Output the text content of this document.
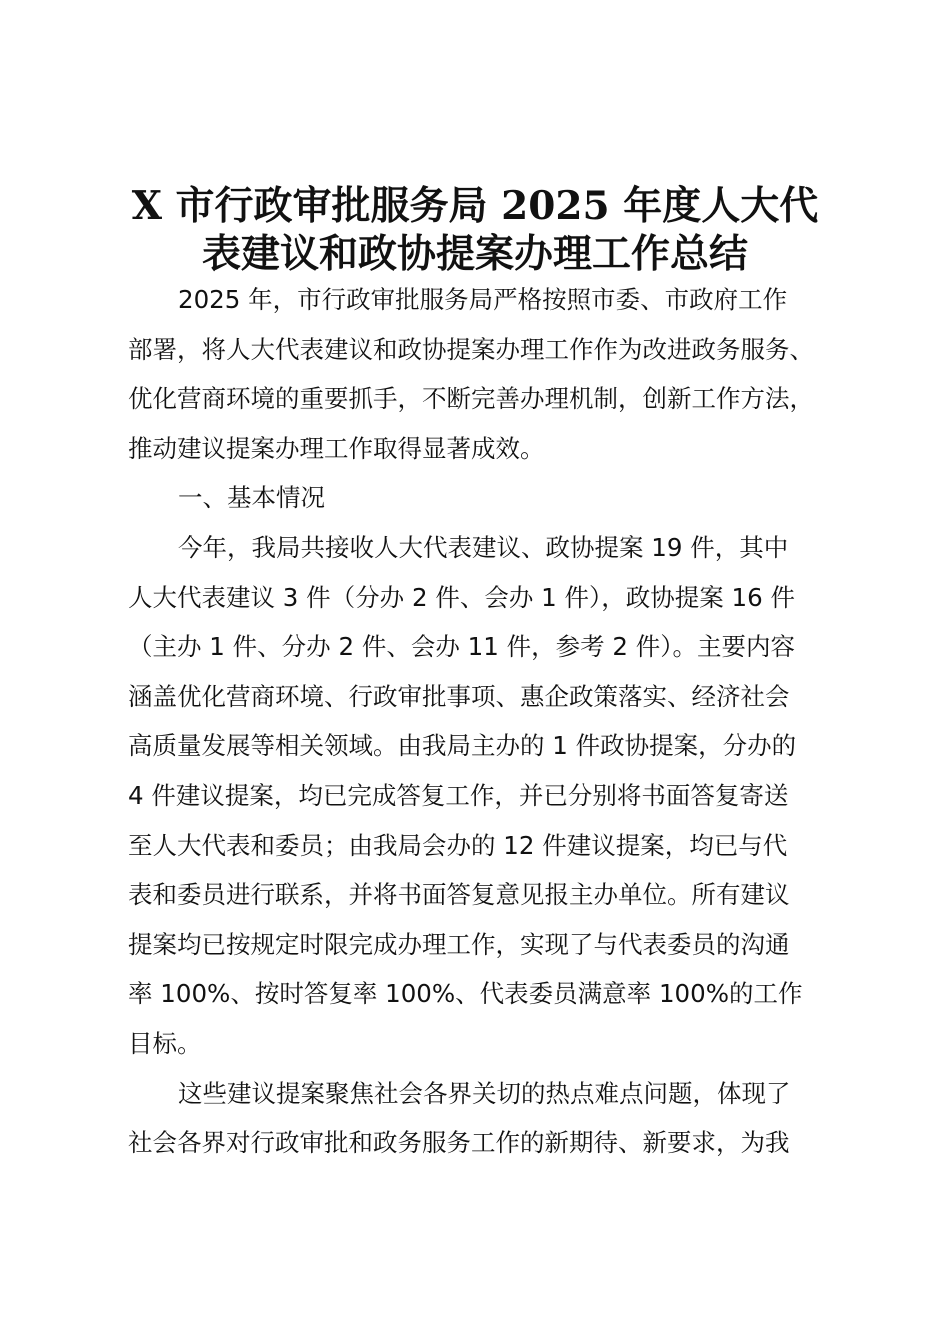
X 市行政审批服务局 2025 年度人大代
表建议和政协提案办理工作总结
2025 年，市行政审批服务局严格按照市委、市政府工作
部署，将人大代表建议和政协提案办理工作作为改进政务服务、
优化营商环境的重要抓手，不断完善办理机制，创新工作方法，
推动建议提案办理工作取得显著成效。
一、基本情况
今年，我局共接收人大代表建议、政协提案 19 件，其中
人大代表建议 3 件（分办 2 件、会办 1 件），政协提案 16 件
（主办 1 件、分办 2 件、会办 11 件，参考 2 件）。主要内容
涵盖优化营商环境、行政审批事项、惠企政策落实、经济社会
高质量发展等相关领域。由我局主办的 1 件政协提案，分办的
4 件建议提案，均已完成答复工作，并已分别将书面答复寄送
至人大代表和委员；由我局会办的 12 件建议提案，均已与代
表和委员进行联系，并将书面答复意见报主办单位。所有建议
提案均已按规定时限完成办理工作，实现了与代表委员的沟通
率 100%、按时答复率 100%、代表委员满意率 100%的工作
目标。
这些建议提案聚焦社会各界关切的热点难点问题，体现了
社会各界对行政审批和政务服务工作的新期待、新要求，为我
